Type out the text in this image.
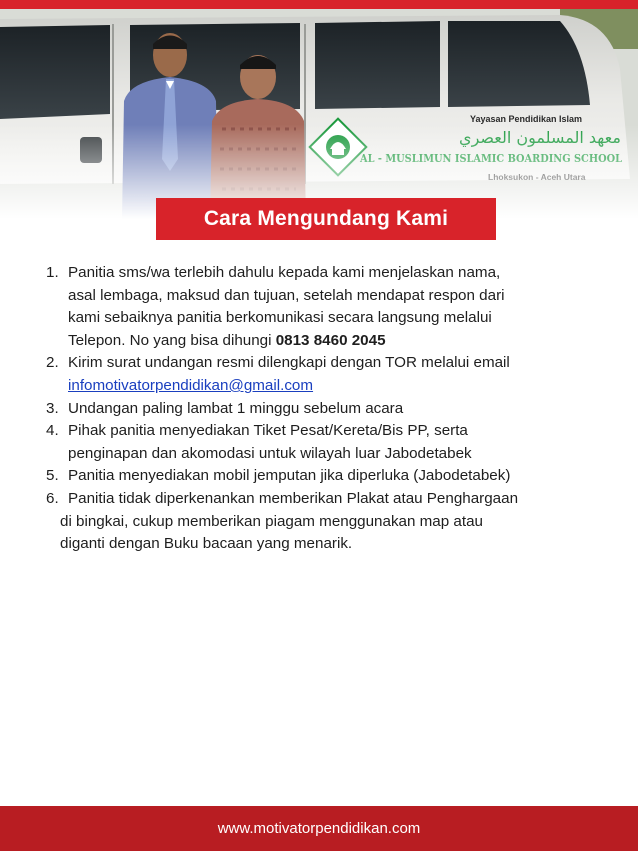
Cara Mengundang Kami
1. Panitia sms/wa terlebih dahulu kepada kami menjelaskan nama,
asal lembaga, maksud dan tujuan, setelah mendapat respon dari
kami sebaiknya panitia berkomunikasi secara langsung melalui
Telepon. No yang bisa dihungi 0813 8460 2045
2. Kirim surat undangan resmi dilengkapi dengan TOR melalui email
infomotivatorpendidikan@gmail.com
3. Undangan paling lambat 1 minggu sebelum acara
4. Pihak panitia menyediakan Tiket Pesat/Kereta/Bis PP, serta
penginapan dan akomodasi untuk wilayah luar Jabodetabek
5. Panitia menyediakan mobil jemputan jika diperluka (Jabodetabek)
6. Panitia tidak diperkenankan memberikan Plakat atau Penghargaan
di bingkai, cukup memberikan piagam menggunakan map atau
diganti dengan Buku bacaan yang menarik.
www.motivatorpendidikan.com
